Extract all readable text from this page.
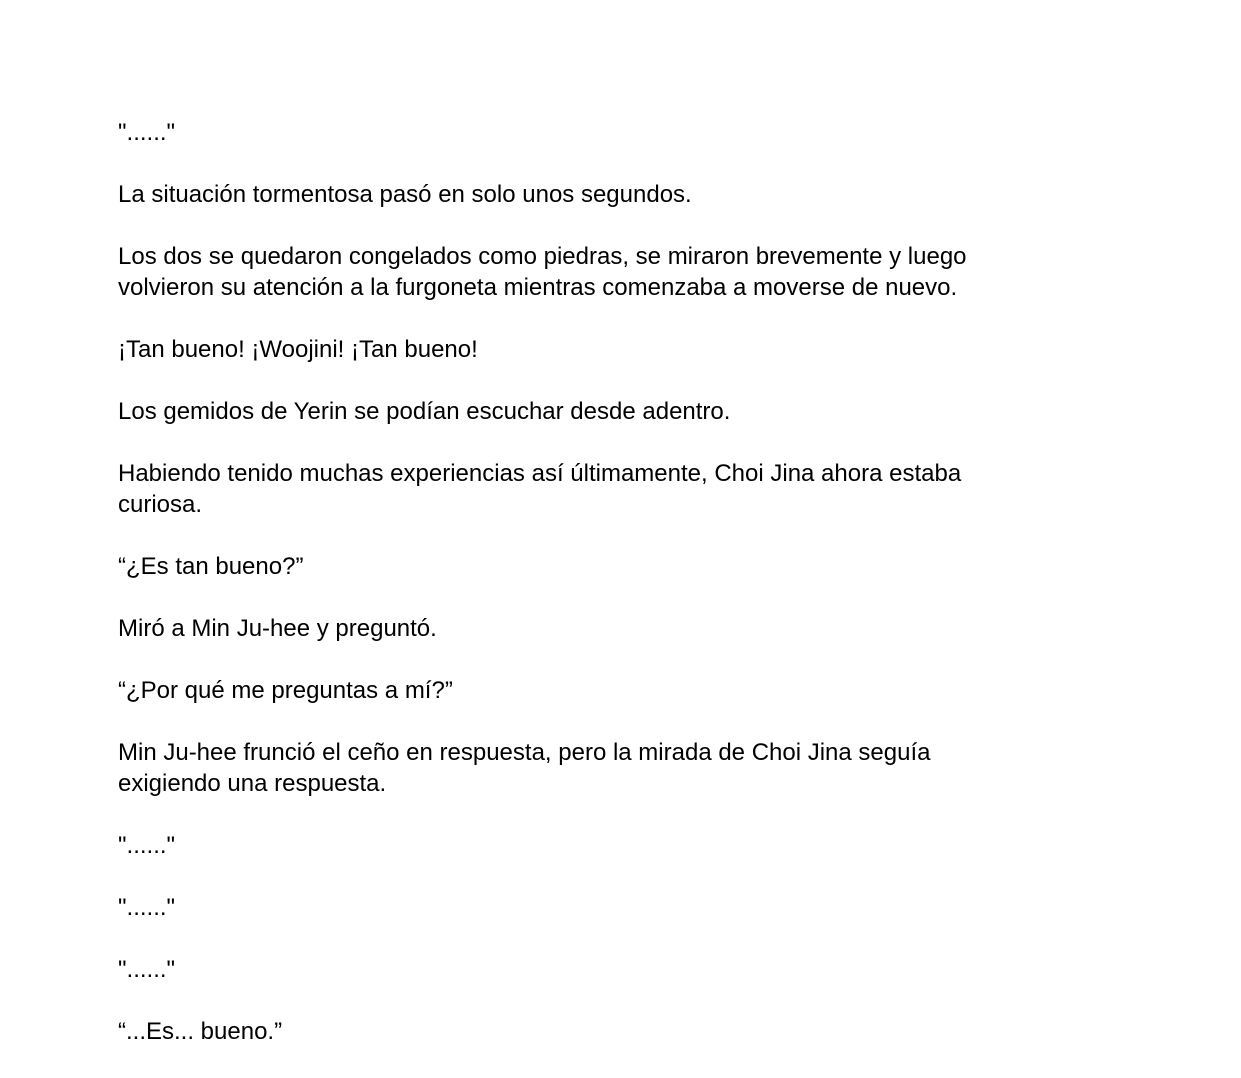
"......"

La situación tormentosa pasó en solo unos segundos.

Los dos se quedaron congelados como piedras, se miraron brevemente y luego
volvieron su atención a la furgoneta mientras comenzaba a moverse de nuevo.

¡Tan bueno! ¡Woojini! ¡Tan bueno!

Los gemidos de Yerin se podían escuchar desde adentro.

Habiendo tenido muchas experiencias así últimamente, Choi Jina ahora estaba
curiosa.

“¿Es tan bueno?”

Miró a Min Ju-hee y preguntó.

“¿Por qué me preguntas a mí?”

Min Ju-hee frunció el ceño en respuesta, pero la mirada de Choi Jina seguía
exigiendo una respuesta.

"......"

"......"

"......"

“...Es... bueno.”
